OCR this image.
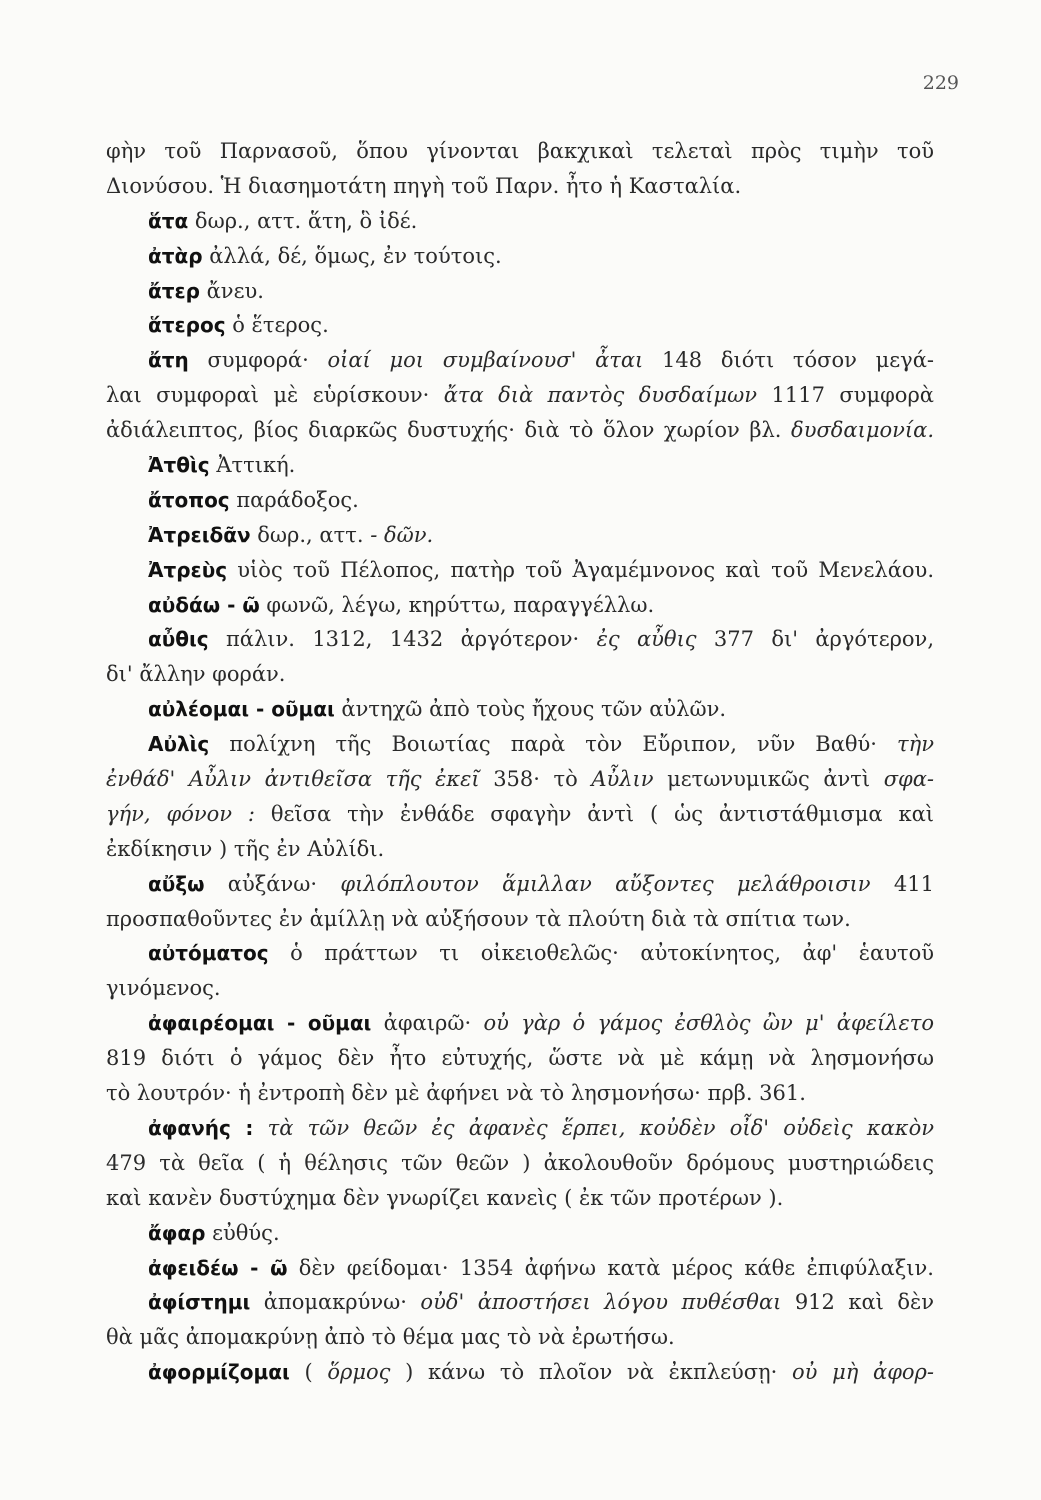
229
φὴν τοῦ Παρνασοῦ, ὅπου γίνονται βακχικαὶ τελεταὶ πρὸς τιμὴν τοῦ
Διονύσου. Ἡ διασημοτάτη πηγὴ τοῦ Παρν. ἦτο ἡ Κασταλία.
ἅτα δωρ., αττ. ἅτη, ὃ ἰδέ.
ἀτὰρ ἀλλά, δέ, ὅμως, ἐν τούτοις.
ἄτερ ἄνευ.
ἅτερος ὁ ἕτερος.
ἄτη συμφορά· οἰαί μοι συμβαίνουσ' ἆται 148 διότι τόσον μεγά-
λαι συμφοραὶ μὲ εὑρίσκουν· ἄτα διὰ παντὸς δυσδαίμων 1117 συμφορὰ
ἀδιάλειπτος, βίος διαρκῶς δυστυχής· διὰ τὸ ὅλον χωρίον βλ. δυσδαιμονία.
Ἀτθὶς Ἀττική.
ἄτοπος παράδοξος.
Ἀτρειδᾶν δωρ., αττ. - δῶν.
Ἀτρεὺς υἱὸς τοῦ Πέλοπος, πατὴρ τοῦ Ἀγαμέμνονος καὶ τοῦ Μενελάου.
αὐδάω - ῶ φωνῶ, λέγω, κηρύττω, παραγγέλλω.
αὖθις πάλιν. 1312, 1432 ἀργότερον· ἐς αὖθις 377 δι' ἀργότερον,
δι' ἄλλην φοράν.
αὐλέομαι - οῦμαι ἀντηχῶ ἀπὸ τοὺς ἤχους τῶν αὐλῶν.
Αὐλὶς πολίχνη τῆς Βοιωτίας παρὰ τὸν Εὔριπον, νῦν Βαθύ· τὴν
ἐνθάδ' Αὖλιν ἀντιθεῖσα τῆς ἐκεῖ 358· τὸ Αὖλιν μετωνυμικῶς ἀντὶ σφα-
γήν, φόνον : θεῖσα τὴν ἐνθάδε σφαγὴν ἀντὶ ( ὡς ἀντιστάθμισμα καὶ
ἐκδίκησιν ) τῆς ἐν Αὐλίδι.
αὔξω αὐξάνω· φιλόπλουτον ἅμιλλαν αὔξοντες μελάθροισιν 411
προσπαθοῦντες ἐν ἁμίλλῃ νὰ αὐξήσουν τὰ πλούτη διὰ τὰ σπίτια των.
αὐτόματος ὁ πράττων τι οἰκειοθελῶς· αὐτοκίνητος, ἀφ' ἑαυτοῦ
γινόμενος.
ἀφαιρέομαι - οῦμαι ἀφαιρῶ· οὐ γὰρ ὁ γάμος ἐσθλὸς ὢν μ' ἀφείλετο
819 διότι ὁ γάμος δὲν ἦτο εὐτυχής, ὥστε νὰ μὲ κάμῃ νὰ λησμονήσω
τὸ λουτρόν· ἡ ἐντροπὴ δὲν μὲ ἀφήνει νὰ τὸ λησμονήσω· πρβ. 361.
ἀφανής : τὰ τῶν θεῶν ἐς ἀφανὲς ἕρπει, κοὐδὲν οἶδ' οὐδεὶς κακὸν
479 τὰ θεῖα ( ἡ θέλησις τῶν θεῶν ) ἀκολουθοῦν δρόμους μυστηριώδεις
καὶ κανὲν δυστύχημα δὲν γνωρίζει κανεὶς ( ἐκ τῶν προτέρων ).
ἄφαρ εὐθύς.
ἀφειδέω - ῶ δὲν φείδομαι· 1354 ἀφήνω κατὰ μέρος κάθε ἐπιφύλαξιν.
ἀφίστημι ἀπομακρύνω· οὐδ' ἀποστήσει λόγου πυθέσθαι 912 καὶ δὲν
θὰ μᾶς ἀπομακρύνῃ ἀπὸ τὸ θέμα μας τὸ νὰ ἐρωτήσω.
ἀφορμίζομαι ( ὅρμος ) κάνω τὸ πλοῖον νὰ ἐκπλεύσῃ· οὐ μὴ ἀφορ-
